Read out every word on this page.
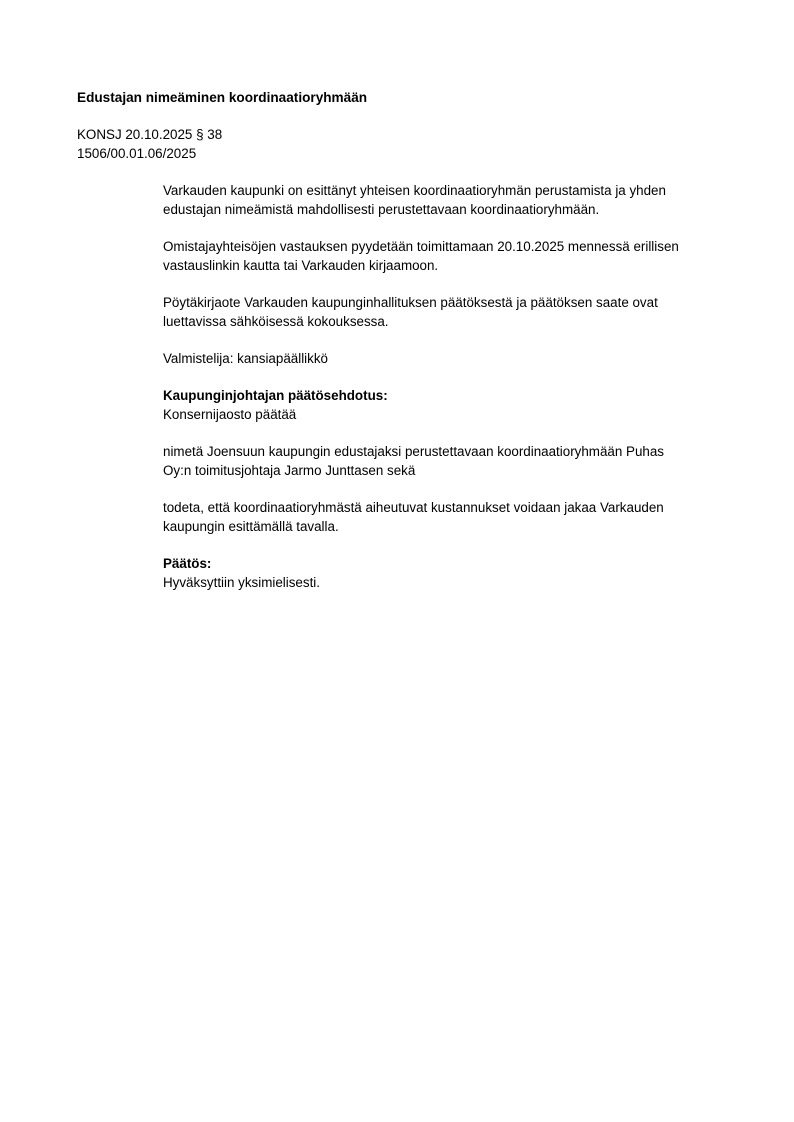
Edustajan nimeäminen koordinaatioryhmään
KONSJ 20.10.2025 § 38
1506/00.01.06/2025
Varkauden kaupunki on esittänyt yhteisen koordinaatioryhmän perustamista ja yhden
edustajan nimeämistä mahdollisesti perustettavaan koordinaatioryhmään.
Omistajayhteisöjen vastauksen pyydetään toimittamaan 20.10.2025 mennessä erillisen
vastauslinkin kautta tai Varkauden kirjaamoon.
Pöytäkirjaote Varkauden kaupunginhallituksen päätöksestä ja päätöksen saate ovat
luettavissa sähköisessä kokouksessa.
Valmistelija: kansiapäällikkö
Kaupunginjohtajan päätösehdotus:
Konsernijaosto päätää
nimetä Joensuun kaupungin edustajaksi perustettavaan koordinaatioryhmään Puhas
Oy:n toimitusjohtaja Jarmo Junttasen sekä
todeta, että koordinaatioryhmästä aiheutuvat kustannukset voidaan jakaa Varkauden
kaupungin esittämällä tavalla.
Päätös:
Hyväksyttiin yksimielisesti.
